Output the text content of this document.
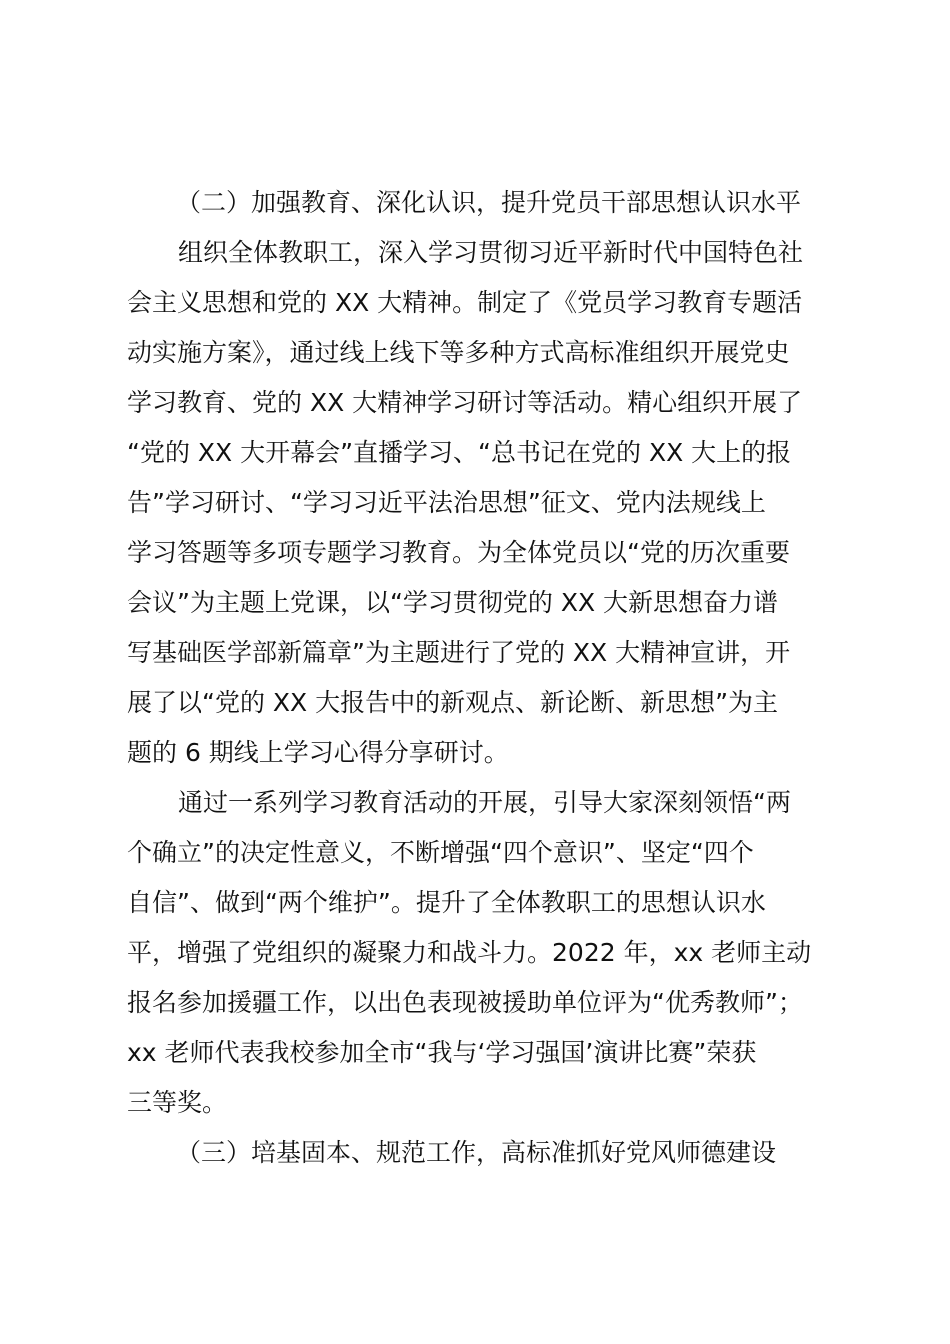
（二）加强教育、深化认识，提升党员干部思想认识水平
组织全体教职工，深入学习贯彻习近平新时代中国特色社
会主义思想和党的 XX 大精神。制定了《党员学习教育专题活
动实施方案》，通过线上线下等多种方式高标准组织开展党史
学习教育、党的 XX 大精神学习研讨等活动。精心组织开展了
“党的 XX 大开幕会”直播学习、“总书记在党的 XX 大上的报
告”学习研讨、“学习习近平法治思想”征文、党内法规线上
学习答题等多项专题学习教育。为全体党员以“党的历次重要
会议”为主题上党课，以“学习贯彻党的 XX 大新思想奋力谱
写基础医学部新篇章”为主题进行了党的 XX 大精神宣讲，开
展了以“党的 XX 大报告中的新观点、新论断、新思想”为主
题的 6 期线上学习心得分享研讨。
通过一系列学习教育活动的开展，引导大家深刻领悟“两
个确立”的决定性意义，不断增强“四个意识”、坚定“四个
自信”、做到“两个维护”。提升了全体教职工的思想认识水
平，增强了党组织的凝聚力和战斗力。2022 年，xx 老师主动
报名参加援疆工作，以出色表现被援助单位评为“优秀教师”；
xx 老师代表我校参加全市“我与‘学习强国’演讲比赛”荣获
三等奖。
（三）培基固本、规范工作，高标准抓好党风师德建设
